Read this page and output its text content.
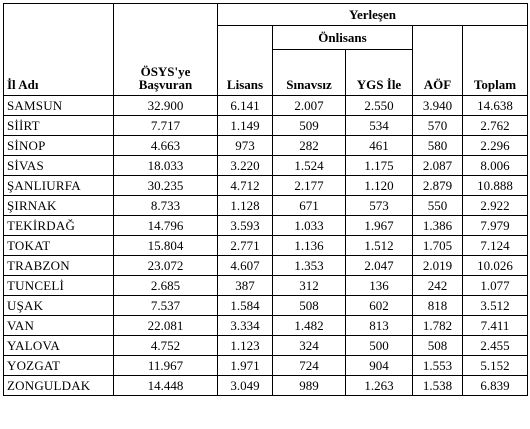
İl Adı	ÖSYS'ye Başvuran	Yerleşen				
		Lisans	Önlisans		AÖF	Toplam
			Sınavsız	YGS İle		
SAMSUN	32.900	6.141	2.007	2.550	3.940	14.638
SİİRT	7.717	1.149	509	534	570	2.762
SİNOP	4.663	973	282	461	580	2.296
SİVAS	18.033	3.220	1.524	1.175	2.087	8.006
ŞANLIURFA	30.235	4.712	2.177	1.120	2.879	10.888
ŞIRNAK	8.733	1.128	671	573	550	2.922
TEKİRDAĞ	14.796	3.593	1.033	1.967	1.386	7.979
TOKAT	15.804	2.771	1.136	1.512	1.705	7.124
TRABZON	23.072	4.607	1.353	2.047	2.019	10.026
TUNCELİ	2.685	387	312	136	242	1.077
UŞAK	7.537	1.584	508	602	818	3.512
VAN	22.081	3.334	1.482	813	1.782	7.411
YALOVA	4.752	1.123	324	500	508	2.455
YOZGAT	11.967	1.971	724	904	1.553	5.152
ZONGULDAK	14.448	3.049	989	1.263	1.538	6.839
